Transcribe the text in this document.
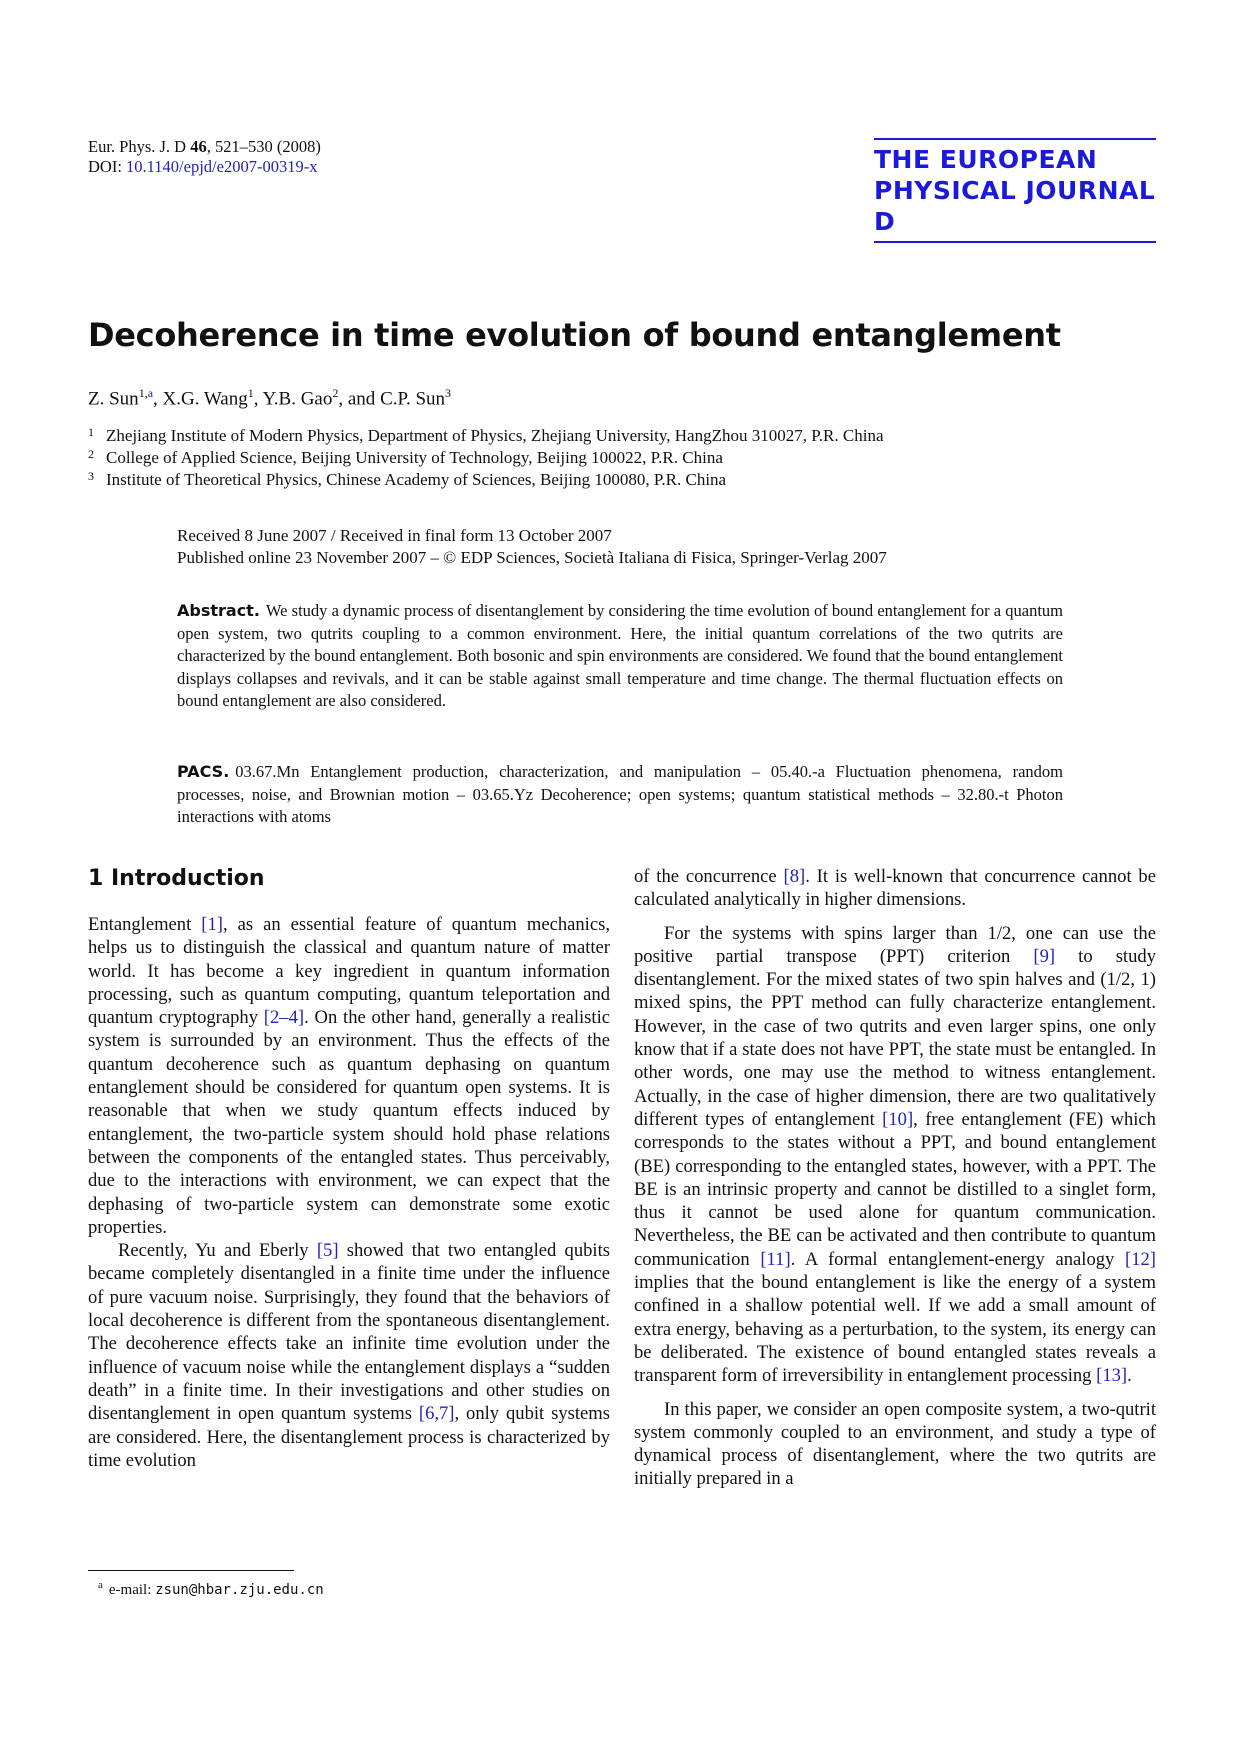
Eur. Phys. J. D 46, 521–530 (2008)
DOI: 10.1140/epjd/e2007-00319-x	THE EUROPEAN
PHYSICAL JOURNAL D
Decoherence in time evolution of bound entanglement
Z. Sun$^{1,a}$, X.G. Wang$^1$, Y.B. Gao$^2$, and C.P. Sun$^3$
1 Zhejiang Institute of Modern Physics, Department of Physics, Zhejiang University, HangZhou 310027, P.R. China
2 College of Applied Science, Beijing University of Technology, Beijing 100022, P.R. China
3 Institute of Theoretical Physics, Chinese Academy of Sciences, Beijing 100080, P.R. China
Received 8 June 2007 / Received in final form 13 October 2007
Published online 23 November 2007 – © EDP Sciences, Società Italiana di Fisica, Springer-Verlag 2007
Abstract. We study a dynamic process of disentanglement by considering the time evolution of bound entanglement for a quantum open system, two qutrits coupling to a common environment. Here, the initial quantum correlations of the two qutrits are characterized by the bound entanglement. Both bosonic and spin environments are considered. We found that the bound entanglement displays collapses and revivals, and it can be stable against small temperature and time change. The thermal fluctuation effects on bound entanglement are also considered.
PACS. 03.67.Mn Entanglement production, characterization, and manipulation – 05.40.-a Fluctuation phenomena, random processes, noise, and Brownian motion – 03.65.Yz Decoherence; open systems; quantum statistical methods – 32.80.-t Photon interactions with atoms
1 Introduction

Entanglement [1], as an essential feature of quantum mechanics, helps us to distinguish the classical and quantum nature of matter world. It has become a key ingredient in quantum information processing, such as quantum computing, quantum teleportation and quantum cryptography [2–4]. On the other hand, generally a realistic system is surrounded by an environment. Thus the effects of the quantum decoherence such as quantum dephasing on quantum entanglement should be considered for quantum open systems. It is reasonable that when we study quantum effects induced by entanglement, the two-particle system should hold phase relations between the components of the entangled states. Thus perceivably, due to the interactions with environment, we can expect that the dephasing of two-particle system can demonstrate some exotic properties.

Recently, Yu and Eberly [5] showed that two entangled qubits became completely disentangled in a finite time under the influence of pure vacuum noise. Surprisingly, they found that the behaviors of local decoherence is different from the spontaneous disentanglement. The decoherence effects take an infinite time evolution under the influence of vacuum noise while the entanglement displays a “sudden death” in a finite time. In their investigations and other studies on disentanglement in open quantum systems [6,7], only qubit systems are considered. Here, the disentanglement process is characterized by time evolution

of the concurrence [8]. It is well-known that concurrence cannot be calculated analytically in higher dimensions.

For the systems with spins larger than 1/2, one can use the positive partial transpose (PPT) criterion [9] to study disentanglement. For the mixed states of two spin halves and (1/2, 1) mixed spins, the PPT method can fully characterize entanglement. However, in the case of two qutrits and even larger spins, one only know that if a state does not have PPT, the state must be entangled. In other words, one may use the method to witness entanglement. Actually, in the case of higher dimension, there are two qualitatively different types of entanglement [10], free entanglement (FE) which corresponds to the states without a PPT, and bound entanglement (BE) corresponding to the entangled states, however, with a PPT. The BE is an intrinsic property and cannot be distilled to a singlet form, thus it cannot be used alone for quantum communication. Nevertheless, the BE can be activated and then contribute to quantum communication [11]. A formal entanglement-energy analogy [12] implies that the bound entanglement is like the energy of a system confined in a shallow potential well. If we add a small amount of extra energy, behaving as a perturbation, to the system, its energy can be deliberated. The existence of bound entangled states reveals a transparent form of irreversibility in entanglement processing [13].

In this paper, we consider an open composite system, a two-qutrit system commonly coupled to an environment, and study a type of dynamical process of disentanglement, where the two qutrits are initially prepared in a

$^a$ e-mail: zsun@hbar.zju.edu.cn
